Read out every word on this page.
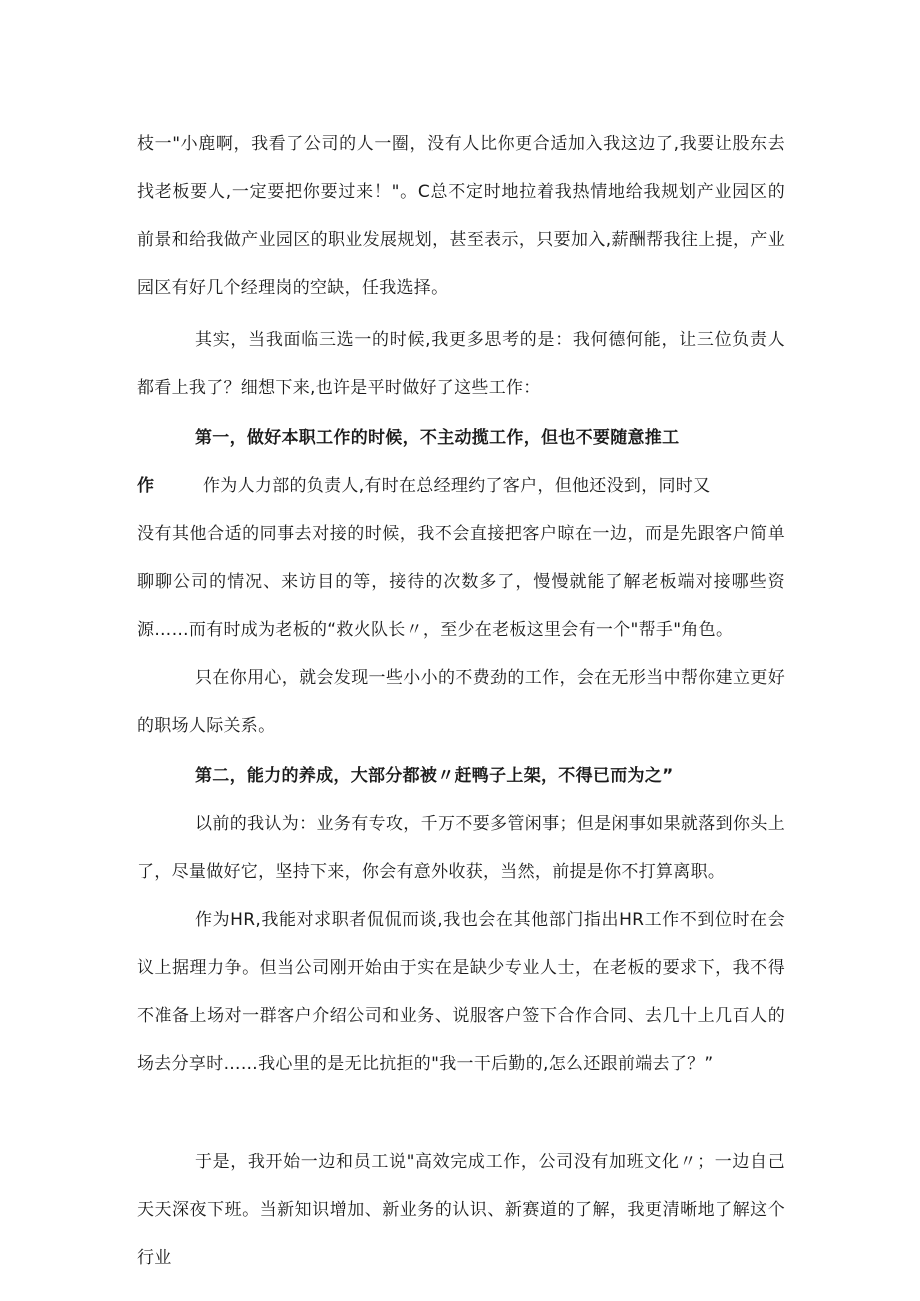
枝一"小鹿啊，我看了公司的人一圈，没有人比你更合适加入我这边了,我要让股东去找老板要人,一定要把你要过来！"。C总不定时地拉着我热情地给我规划产业园区的前景和给我做产业园区的职业发展规划，甚至表示，只要加入,薪酬帮我往上提，产业园区有好几个经理岗的空缺，任我选择。

其实，当我面临三选一的时候,我更多思考的是：我何德何能，让三位负责人都看上我了？细想下来,也许是平时做好了这些工作：

第一，做好本职工作的时候，不主动揽工作，但也不要随意推工

作	作为人力部的负责人,有时在总经理约了客户，但他还没到，同时又

没有其他合适的同事去对接的时候，我不会直接把客户晾在一边，而是先跟客户简单聊聊公司的情况、来访目的等，接待的次数多了，慢慢就能了解老板端对接哪些资源……而有时成为老板的“救火队长〃，至少在老板这里会有一个"帮手"角色。

只在你用心，就会发现一些小小的不费劲的工作，会在无形当中帮你建立更好的职场人际关系。

第二，能力的养成，大部分都被〃赶鸭子上架，不得已而为之”

以前的我认为：业务有专攻，千万不要多管闲事；但是闲事如果就落到你头上了，尽量做好它，坚持下来，你会有意外收获，当然，前提是你不打算离职。

作为HR,我能对求职者侃侃而谈,我也会在其他部门指出HR工作不到位时在会议上据理力争。但当公司刚开始由于实在是缺少专业人士，在老板的要求下，我不得不准备上场对一群客户介绍公司和业务、说服客户签下合作合同、去几十上几百人的场去分享时……我心里的是无比抗拒的"我一干后勤的,怎么还跟前端去了？”

于是，我开始一边和员工说"高效完成工作，公司没有加班文化〃；一边自己天天深夜下班。当新知识增加、新业务的认识、新赛道的了解，我更清晰地了解这个行业
